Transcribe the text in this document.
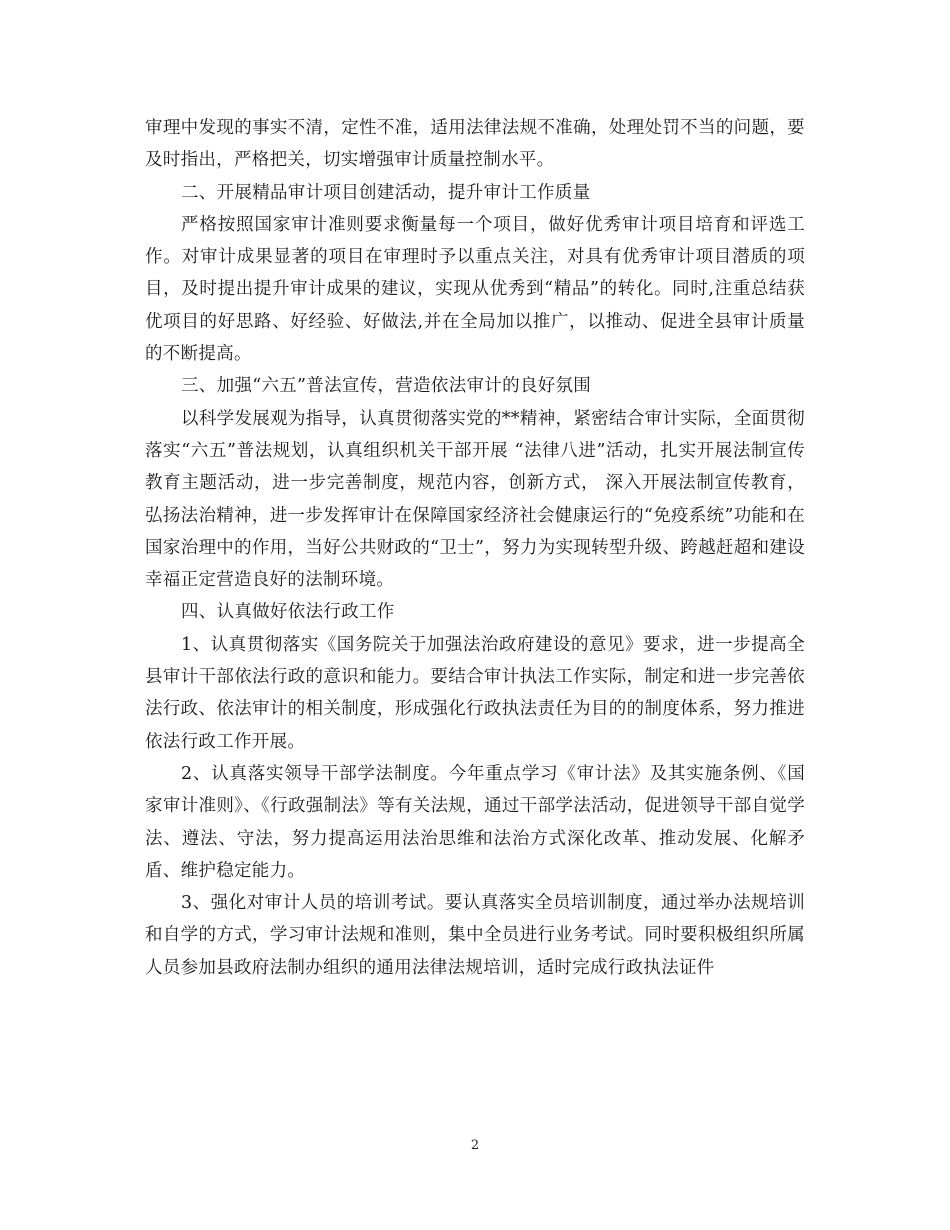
审理中发现的事实不清，定性不准，适用法律法规不准确，处理处罚不当的问题，要及时指出，严格把关，切实增强审计质量控制水平。

二、开展精品审计项目创建活动，提升审计工作质量

严格按照国家审计准则要求衡量每一个项目，做好优秀审计项目培育和评选工作。对审计成果显著的项目在审理时予以重点关注，对具有优秀审计项目潜质的项目，及时提出提升审计成果的建议，实现从优秀到“精品”的转化。同时,注重总结获优项目的好思路、好经验、好做法,并在全局加以推广，以推动、促进全县审计质量的不断提高。

三、加强“六五”普法宣传，营造依法审计的良好氛围

以科学发展观为指导，认真贯彻落实党的**精神，紧密结合审计实际，全面贯彻落实“六五”普法规划，认真组织机关干部开展 “法律八进”活动，扎实开展法制宣传教育主题活动，进一步完善制度，规范内容，创新方式， 深入开展法制宣传教育，弘扬法治精神，进一步发挥审计在保障国家经济社会健康运行的“免疫系统”功能和在国家治理中的作用，当好公共财政的“卫士”，努力为实现转型升级、跨越赶超和建设幸福正定营造良好的法制环境。

四、认真做好依法行政工作

1、认真贯彻落实《国务院关于加强法治政府建设的意见》要求，进一步提高全县审计干部依法行政的意识和能力。要结合审计执法工作实际，制定和进一步完善依法行政、依法审计的相关制度，形成强化行政执法责任为目的的制度体系，努力推进依法行政工作开展。

2、认真落实领导干部学法制度。今年重点学习《审计法》及其实施条例、《国家审计准则》、《行政强制法》等有关法规，通过干部学法活动，促进领导干部自觉学法、遵法、守法，努力提高运用法治思维和法治方式深化改革、推动发展、化解矛盾、维护稳定能力。

3、强化对审计人员的培训考试。要认真落实全员培训制度，通过举办法规培训和自学的方式，学习审计法规和准则，集中全员进行业务考试。同时要积极组织所属人员参加县政府法制办组织的通用法律法规培训，适时完成行政执法证件

2
